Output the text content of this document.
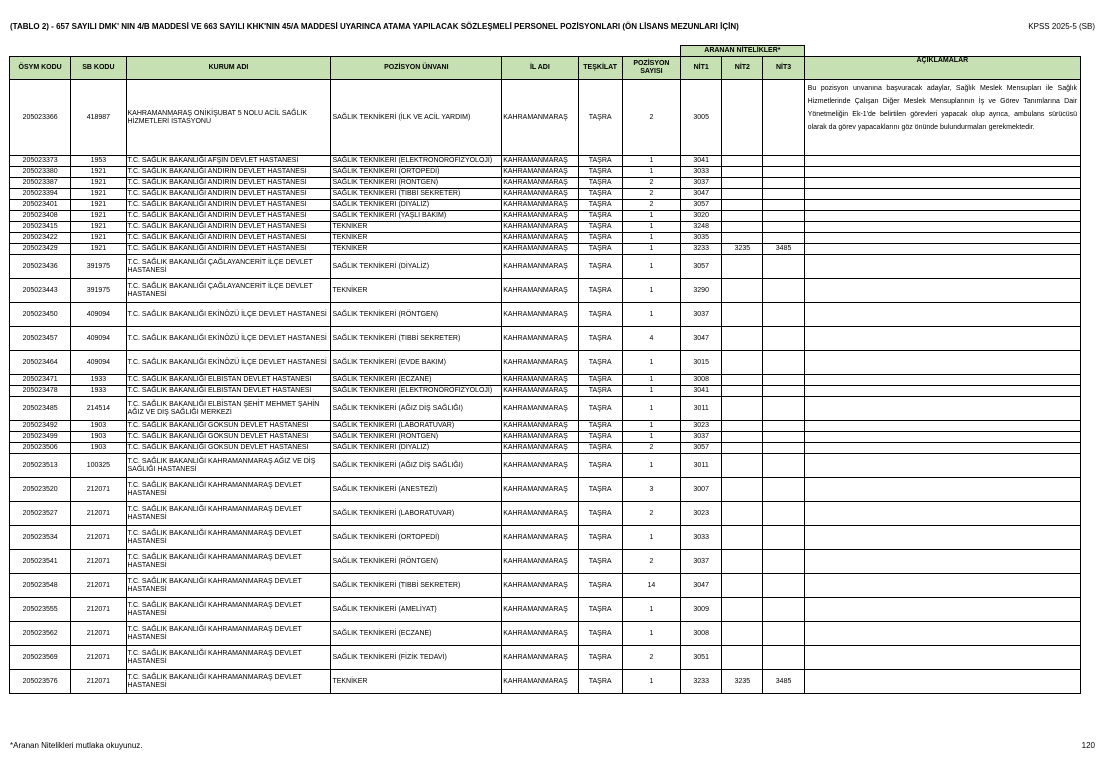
(TABLO 2) - 657 SAYILI DMK' NIN 4/B MADDESİ VE 663 SAYILI KHK'NIN 45/A MADDESİ UYARINCA ATAMA YAPILACAK SÖZLEŞMELİ PERSONEL POZİSYONLARI (ÖN LİSANS MEZUNLARI İÇİN)	KPSS 2025-5 (SB)
							ARANAN NİTELİKLER*			
ÖSYM KODU	SB KODU	KURUM ADI	POZİSYON ÜNVANI	İL ADI	TEŞKİLAT	POZİSYON SAYISI	NİT1	NİT2	NİT3	AÇIKLAMALAR
205023366	418987	KAHRAMANMARAŞ ONİKİŞUBAT 5 NOLU ACİL SAĞLIK HİZMETLERİ İSTASYONU	SAĞLIK TEKNİKERİ (İLK VE ACİL YARDIM)	KAHRAMANMARAŞ	TAŞRA	2	3005			Bu pozisyon unvanına başvuracak adaylar, Sağlık Meslek Mensupları ile Sağlık Hizmetlerinde Çalışan Diğer Meslek Mensuplarının İş ve Görev Tanımlarına Dair Yönetmeliğin Ek-1'de belirtilen görevleri yapacak olup ayrıca, ambulans sürücüsü olarak da görev yapacaklarını göz önünde bulundurmaları gerekmektedir.
205023373	1953	T.C. SAĞLIK BAKANLIĞI AFŞİN DEVLET HASTANESİ	SAĞLIK TEKNİKERİ (ELEKTRONÖROFİZYOLOJİ)	KAHRAMANMARAŞ	TAŞRA	1	3041			
205023380	1921	T.C. SAĞLIK BAKANLIĞI ANDIRIN DEVLET HASTANESİ	SAĞLIK TEKNİKERİ (ORTOPEDİ)	KAHRAMANMARAŞ	TAŞRA	1	3033			
205023387	1921	T.C. SAĞLIK BAKANLIĞI ANDIRIN DEVLET HASTANESİ	SAĞLIK TEKNİKERİ (RÖNTGEN)	KAHRAMANMARAŞ	TAŞRA	2	3037			
205023394	1921	T.C. SAĞLIK BAKANLIĞI ANDIRIN DEVLET HASTANESİ	SAĞLIK TEKNİKERİ (TIBBİ SEKRETER)	KAHRAMANMARAŞ	TAŞRA	2	3047			
205023401	1921	T.C. SAĞLIK BAKANLIĞI ANDIRIN DEVLET HASTANESİ	SAĞLIK TEKNİKERİ (DİYALİZ)	KAHRAMANMARAŞ	TAŞRA	2	3057			
205023408	1921	T.C. SAĞLIK BAKANLIĞI ANDIRIN DEVLET HASTANESİ	SAĞLIK TEKNİKERİ (YAŞLI BAKIM)	KAHRAMANMARAŞ	TAŞRA	1	3020			
205023415	1921	T.C. SAĞLIK BAKANLIĞI ANDIRIN DEVLET HASTANESİ	TEKNİKER	KAHRAMANMARAŞ	TAŞRA	1	3248			
205023422	1921	T.C. SAĞLIK BAKANLIĞI ANDIRIN DEVLET HASTANESİ	TEKNİKER	KAHRAMANMARAŞ	TAŞRA	1	3035			
205023429	1921	T.C. SAĞLIK BAKANLIĞI ANDIRIN DEVLET HASTANESİ	TEKNİKER	KAHRAMANMARAŞ	TAŞRA	1	3233	3235	3485	
205023436	391975	T.C. SAĞLIK BAKANLIĞI ÇAĞLAYANCERİT İLÇE DEVLET HASTANESİ	SAĞLIK TEKNİKERİ (DİYALİZ)	KAHRAMANMARAŞ	TAŞRA	1	3057			
205023443	391975	T.C. SAĞLIK BAKANLIĞI ÇAĞLAYANCERİT İLÇE DEVLET HASTANESİ	TEKNİKER	KAHRAMANMARAŞ	TAŞRA	1	3290			
205023450	409094	T.C. SAĞLIK BAKANLIĞI EKİNÖZÜ İLÇE DEVLET HASTANESİ	SAĞLIK TEKNİKERİ (RÖNTGEN)	KAHRAMANMARAŞ	TAŞRA	1	3037			
205023457	409094	T.C. SAĞLIK BAKANLIĞI EKİNÖZÜ İLÇE DEVLET HASTANESİ	SAĞLIK TEKNİKERİ (TIBBİ SEKRETER)	KAHRAMANMARAŞ	TAŞRA	4	3047			
205023464	409094	T.C. SAĞLIK BAKANLIĞI EKİNÖZÜ İLÇE DEVLET HASTANESİ	SAĞLIK TEKNİKERİ (EVDE BAKIM)	KAHRAMANMARAŞ	TAŞRA	1	3015			
205023471	1933	T.C. SAĞLIK BAKANLIĞI ELBİSTAN DEVLET HASTANESİ	SAĞLIK TEKNİKERİ (ECZANE)	KAHRAMANMARAŞ	TAŞRA	1	3008			
205023478	1933	T.C. SAĞLIK BAKANLIĞI ELBİSTAN DEVLET HASTANESİ	SAĞLIK TEKNİKERİ (ELEKTRONÖROFİZYOLOJİ)	KAHRAMANMARAŞ	TAŞRA	1	3041			
205023485	214514	T.C. SAĞLIK BAKANLIĞI ELBİSTAN ŞEHİT MEHMET ŞAHİN AĞIZ VE DİŞ SAĞLIĞI MERKEZİ	SAĞLIK TEKNİKERİ (AĞIZ DİŞ SAĞLIĞI)	KAHRAMANMARAŞ	TAŞRA	1	3011			
205023492	1903	T.C. SAĞLIK BAKANLIĞI GÖKSUN DEVLET HASTANESİ	SAĞLIK TEKNİKERİ (LABORATUVAR)	KAHRAMANMARAŞ	TAŞRA	1	3023			
205023499	1903	T.C. SAĞLIK BAKANLIĞI GÖKSUN DEVLET HASTANESİ	SAĞLIK TEKNİKERİ (RÖNTGEN)	KAHRAMANMARAŞ	TAŞRA	1	3037			
205023506	1903	T.C. SAĞLIK BAKANLIĞI GÖKSUN DEVLET HASTANESİ	SAĞLIK TEKNİKERİ (DİYALİZ)	KAHRAMANMARAŞ	TAŞRA	2	3057			
205023513	100325	T.C. SAĞLIK BAKANLIĞI KAHRAMANMARAŞ AĞIZ VE DİŞ SAĞLIĞI HASTANESİ	SAĞLIK TEKNİKERİ (AĞIZ DİŞ SAĞLIĞI)	KAHRAMANMARAŞ	TAŞRA	1	3011			
205023520	212071	T.C. SAĞLIK BAKANLIĞI KAHRAMANMARAŞ DEVLET HASTANESİ	SAĞLIK TEKNİKERİ (ANESTEZİ)	KAHRAMANMARAŞ	TAŞRA	3	3007			
205023527	212071	T.C. SAĞLIK BAKANLIĞI KAHRAMANMARAŞ DEVLET HASTANESİ	SAĞLIK TEKNİKERİ (LABORATUVAR)	KAHRAMANMARAŞ	TAŞRA	2	3023			
205023534	212071	T.C. SAĞLIK BAKANLIĞI KAHRAMANMARAŞ DEVLET HASTANESİ	SAĞLIK TEKNİKERİ (ORTOPEDİ)	KAHRAMANMARAŞ	TAŞRA	1	3033			
205023541	212071	T.C. SAĞLIK BAKANLIĞI KAHRAMANMARAŞ DEVLET HASTANESİ	SAĞLIK TEKNİKERİ (RÖNTGEN)	KAHRAMANMARAŞ	TAŞRA	2	3037			
205023548	212071	T.C. SAĞLIK BAKANLIĞI KAHRAMANMARAŞ DEVLET HASTANESİ	SAĞLIK TEKNİKERİ (TIBBİ SEKRETER)	KAHRAMANMARAŞ	TAŞRA	14	3047			
205023555	212071	T.C. SAĞLIK BAKANLIĞI KAHRAMANMARAŞ DEVLET HASTANESİ	SAĞLIK TEKNİKERİ (AMELİYAT)	KAHRAMANMARAŞ	TAŞRA	1	3009			
205023562	212071	T.C. SAĞLIK BAKANLIĞI KAHRAMANMARAŞ DEVLET HASTANESİ	SAĞLIK TEKNİKERİ (ECZANE)	KAHRAMANMARAŞ	TAŞRA	1	3008			
205023569	212071	T.C. SAĞLIK BAKANLIĞI KAHRAMANMARAŞ DEVLET HASTANESİ	SAĞLIK TEKNİKERİ (FİZİK TEDAVİ)	KAHRAMANMARAŞ	TAŞRA	2	3051			
205023576	212071	T.C. SAĞLIK BAKANLIĞI KAHRAMANMARAŞ DEVLET HASTANESİ	TEKNİKER	KAHRAMANMARAŞ	TAŞRA	1	3233	3235	3485	
*Aranan Nitelikleri mutlaka okuyunuz.	120
